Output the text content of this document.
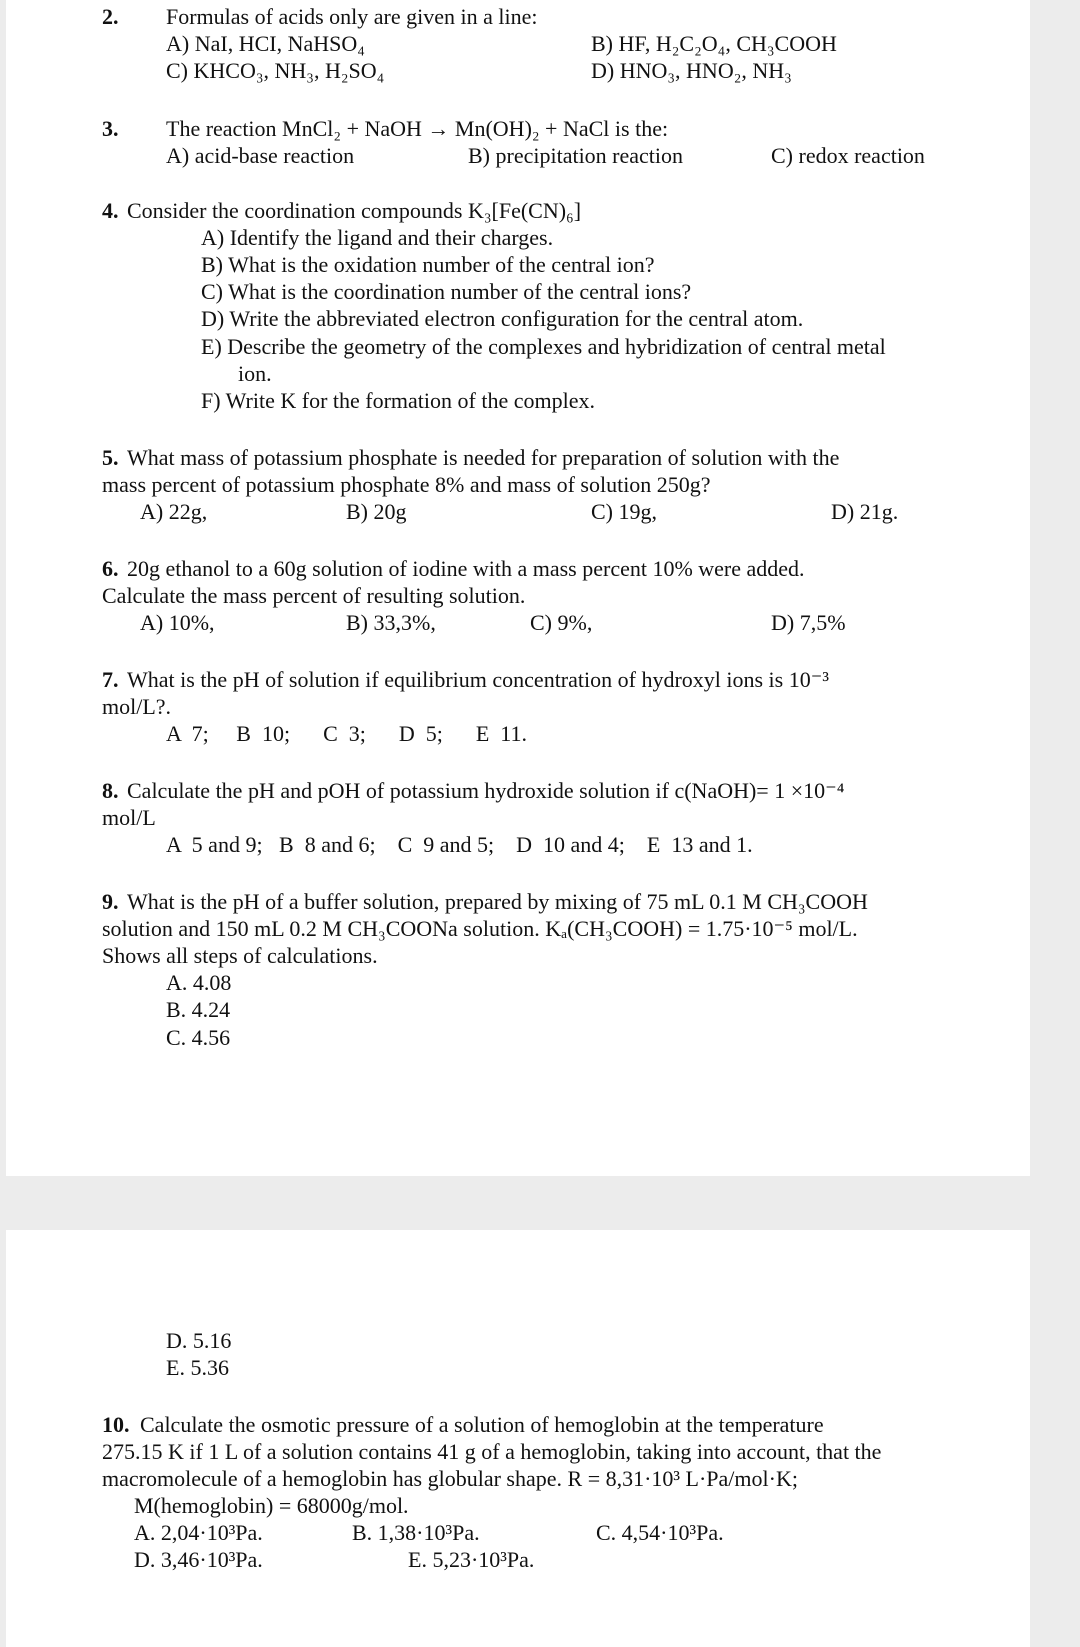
2. Formulas of acids only are given in a line:
A) NaI, HCI, NaHSO₄	B) HF, H₂C₂O₄, CH₃COOH
C) KHCO₃, NH₃, H₂SO₄	D) HNO₃, HNO₂, NH₃
3. The reaction MnCl₂ + NaOH → Mn(OH)₂ + NaCl is the:
A) acid-base reaction	B) precipitation reaction	C) redox reaction
4. Consider the coordination compounds K₃[Fe(CN)₆]
A) Identify the ligand and their charges.
B) What is the oxidation number of the central ion?
C) What is the coordination number of the central ions?
D) Write the abbreviated electron configuration for the central atom.
E) Describe the geometry of the complexes and hybridization of central metal
ion.
F) Write K for the formation of the complex.
5. What mass of potassium phosphate is needed for preparation of solution with the
mass percent of potassium phosphate 8% and mass of solution 250g?
A) 22g,	B) 20g	C) 19g,	D) 21g.
6. 20g ethanol to a 60g solution of iodine with a mass percent 10% were added.
Calculate the mass percent of resulting solution.
A) 10%,	B) 33,3%,	C) 9%,	D) 7,5%
7. What is the pH of solution if equilibrium concentration of hydroxyl ions is 10⁻³
mol/L?.
A  7;     B  10;      C  3;      D  5;      E  11.
8. Calculate the pH and pOH of potassium hydroxide solution if c(NaOH)= 1 ×10⁻⁴
mol/L
A  5 and 9;   B  8 and 6;    C  9 and 5;    D  10 and 4;    E  13 and 1.
9. What is the pH of a buffer solution, prepared by mixing of 75 mL 0.1 M CH₃COOH
solution and 150 mL 0.2 M CH₃COONa solution. Kₐ(CH₃COOH) = 1.75·10⁻⁵ mol/L.
Shows all steps of calculations.
A. 4.08
B. 4.24
C. 4.56
D. 5.16
E. 5.36
10. Calculate the osmotic pressure of a solution of hemoglobin at the temperature
275.15 K if 1 L of a solution contains 41 g of a hemoglobin, taking into account, that the
macromolecule of a hemoglobin has globular shape. R = 8,31·10³ L·Pa/mol·K;
M(hemoglobin) = 68000g/mol.
A. 2,04·10³Pa.	B. 1,38·10³Pa.	C. 4,54·10³Pa.
D. 3,46·10³Pa.	E. 5,23·10³Pa.
